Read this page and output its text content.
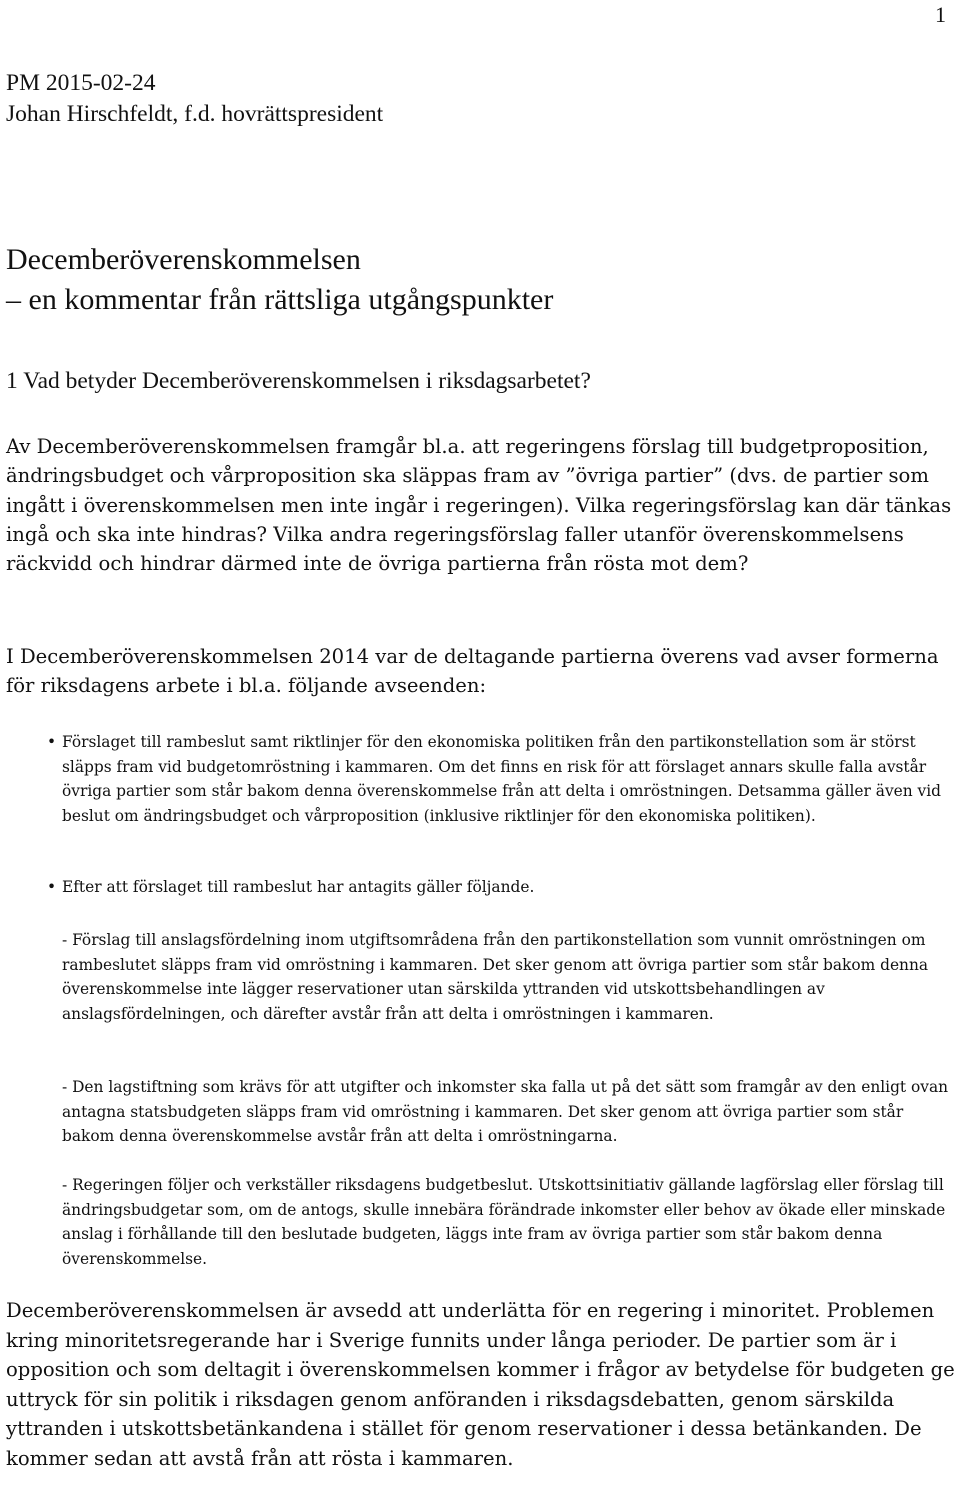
1
PM 2015-02-24
Johan Hirschfeldt, f.d. hovrättspresident
Decemberöverenskommelsen
– en kommentar från rättsliga utgångspunkter
1 Vad betyder Decemberöverenskommelsen i riksdagsarbetet?

Av Decemberöverenskommelsen framgår bl.a. att regeringens förslag till budgetproposition, ändringsbudget och vårproposition ska släppas fram av ”övriga partier” (dvs. de partier som ingått i överenskommelsen men inte ingår i regeringen). Vilka regeringsförslag kan där tänkas ingå och ska inte hindras? Vilka andra regeringsförslag faller utanför överenskommelsens räckvidd och hindrar därmed inte de övriga partierna från rösta mot dem?

I Decemberöverenskommelsen 2014 var de deltagande partierna överens vad avser formerna för riksdagens arbete i bl.a. följande avseenden:

• Förslaget till rambeslut samt riktlinjer för den ekonomiska politiken från den partikonstellation som är störst släpps fram vid budgetomröstning i kammaren. Om det finns en risk för att förslaget annars skulle falla avstår övriga partier som står bakom denna överenskommelse från att delta i omröstningen. Detsamma gäller även vid beslut om ändringsbudget och vårproposition (inklusive riktlinjer för den ekonomiska politiken).
• Efter att förslaget till rambeslut har antagits gäller följande.

- Förslag till anslagsfördelning inom utgiftsområdena från den partikonstellation som vunnit omröstningen om rambeslutet släpps fram vid omröstning i kammaren. Det sker genom att övriga partier som står bakom denna överenskommelse inte lägger reservationer utan särskilda yttranden vid utskottsbehandlingen av anslagsfördelningen, och därefter avstår från att delta i omröstningen i kammaren.

- Den lagstiftning som krävs för att utgifter och inkomster ska falla ut på det sätt som framgår av den enligt ovan antagna statsbudgeten släpps fram vid omröstning i kammaren. Det sker genom att övriga partier som står bakom denna överenskommelse avstår från att delta i omröstningarna.

- Regeringen följer och verkställer riksdagens budgetbeslut. Utskottsinitiativ gällande lagförslag eller förslag till ändringsbudgetar som, om de antogs, skulle innebära förändrade inkomster eller behov av ökade eller minskade anslag i förhållande till den beslutade budgeten, läggs inte fram av övriga partier som står bakom denna överenskommelse.

Decemberöverenskommelsen är avsedd att underlätta för en regering i minoritet. Problemen kring minoritetsregerande har i Sverige funnits under långa perioder. De partier som är i opposition och som deltagit i överenskommelsen kommer i frågor av betydelse för budgeten ge uttryck för sin politik i riksdagen genom anföranden i riksdagsdebatten, genom särskilda yttranden i utskottsbetänkandena i stället för genom reservationer i dessa betänkanden. De kommer sedan att avstå från att rösta i kammaren.
